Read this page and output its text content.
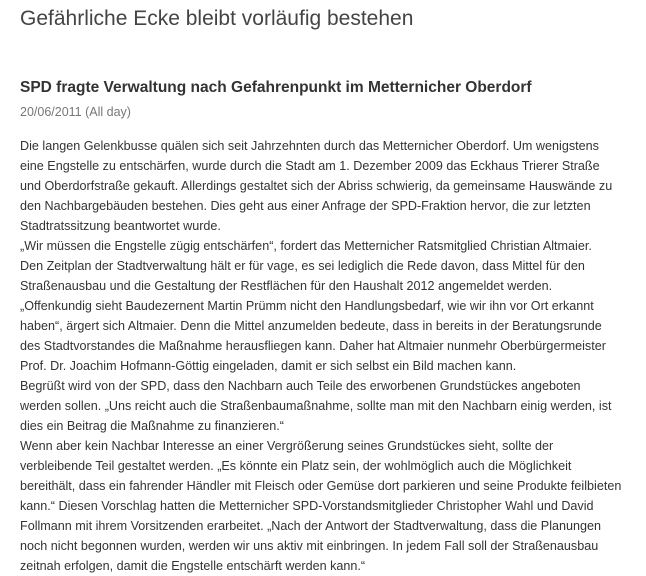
Gefährliche Ecke bleibt vorläufig bestehen
SPD fragte Verwaltung nach Gefahrenpunkt im Metternicher Oberdorf
20/06/2011 (All day)
Die langen Gelenkbusse quälen sich seit Jahrzehnten durch das Metternicher Oberdorf. Um wenigstens
eine Engstelle zu entschärfen, wurde durch die Stadt am 1. Dezember 2009 das Eckhaus Trierer Straße
und Oberdorfstraße gekauft. Allerdings gestaltet sich der Abriss schwierig, da gemeinsame Hauswände zu
den Nachbargebäuden bestehen. Dies geht aus einer Anfrage der SPD-Fraktion hervor, die zur letzten
Stadtratssitzung beantwortet wurde.
„Wir müssen die Engstelle zügig entschärfen“, fordert das Metternicher Ratsmitglied Christian Altmaier.
Den Zeitplan der Stadtverwaltung hält er für vage, es sei lediglich die Rede davon, dass Mittel für den
Straßenausbau und die Gestaltung der Restflächen für den Haushalt 2012 angemeldet werden.
„Offenkundig sieht Baudezernent Martin Prümm nicht den Handlungsbedarf, wie wir ihn vor Ort erkannt
haben“, ärgert sich Altmaier. Denn die Mittel anzumelden bedeute, dass in bereits in der Beratungsrunde
des Stadtvorstandes die Maßnahme herausfliegen kann. Daher hat Altmaier nunmehr Oberbürgermeister
Prof. Dr. Joachim Hofmann-Göttig eingeladen, damit er sich selbst ein Bild machen kann.
Begrüßt wird von der SPD, dass den Nachbarn auch Teile des erworbenen Grundstückes angeboten
werden sollen. „Uns reicht auch die Straßenbaumaßnahme, sollte man mit den Nachbarn einig werden, ist
dies ein Beitrag die Maßnahme zu finanzieren.“
Wenn aber kein Nachbar Interesse an einer Vergrößerung seines Grundstückes sieht, sollte der
verbleibende Teil gestaltet werden. „Es könnte ein Platz sein, der wohlmöglich auch die Möglichkeit
bereithält, dass ein fahrender Händler mit Fleisch oder Gemüse dort parkieren und seine Produkte feilbieten
kann.“ Diesen Vorschlag hatten die Metternicher SPD-Vorstandsmitglieder Christopher Wahl und David
Follmann mit ihrem Vorsitzenden erarbeitet. „Nach der Antwort der Stadtverwaltung, dass die Planungen
noch nicht begonnen wurden, werden wir uns aktiv mit einbringen. In jedem Fall soll der Straßenausbau
zeitnah erfolgen, damit die Engstelle entschärft werden kann.“
